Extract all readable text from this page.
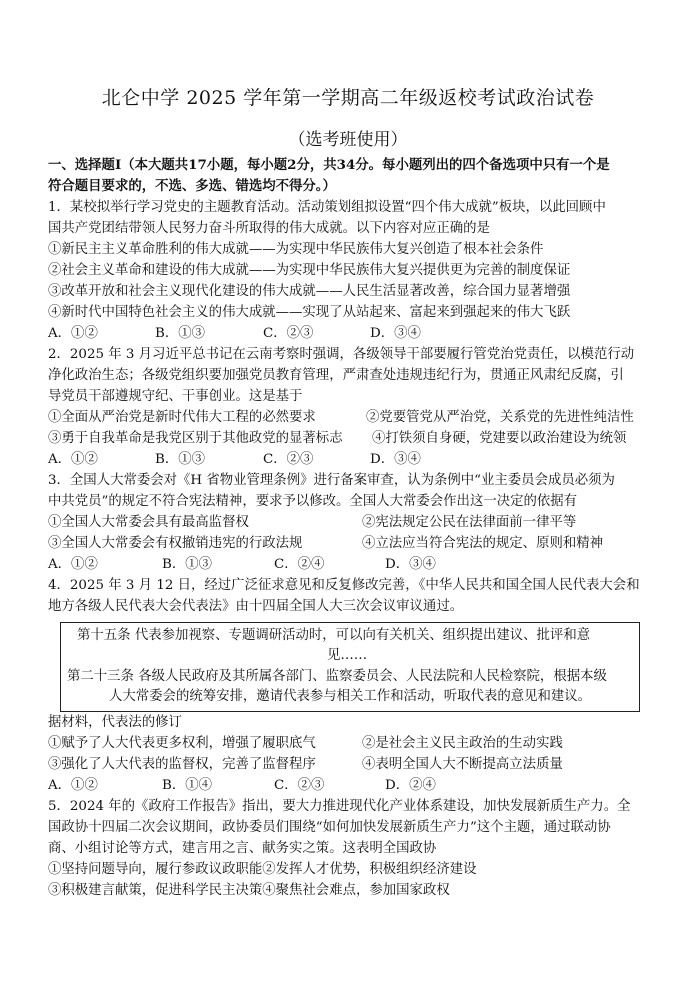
北仑中学 2025 学年第一学期高二年级返校考试政治试卷
（选考班使用）
一、选择题Ⅰ（本大题共17小题，每小题2分，共34分。每小题列出的四个备选项中只有一个是
符合题目要求的，不选、多选、错选均不得分。）
1．某校拟举行学习党史的主题教育活动。活动策划组拟设置“四个伟大成就”板块，以此回顾中
国共产党团结带领人民努力奋斗所取得的伟大成就。以下内容对应正确的是
①新民主主义革命胜利的伟大成就——为实现中华民族伟大复兴创造了根本社会条件
②社会主义革命和建设的伟大成就——为实现中华民族伟大复兴提供更为完善的制度保证
③改革开放和社会主义现代化建设的伟大成就——人民生活显著改善，综合国力显著增强
④新时代中国特色社会主义的伟大成就——实现了从站起来、富起来到强起来的伟大飞跃
A．①②	B．①③	C．②③	D．③④
2．2025 年 3 月习近平总书记在云南考察时强调，各级领导干部要履行管党治党责任，以模范行动
净化政治生态；各级党组织要加强党员教育管理，严肃查处违规违纪行为，贯通正风肃纪反腐，引
导党员干部遵规守纪、干事创业。这是基于
①全面从严治党是新时代伟大工程的必然要求	②党要管党从严治党，关系党的先进性纯洁性
③勇于自我革命是我党区别于其他政党的显著标志 ④打铁须自身硬，党建要以政治建设为统领
A．①②	B．①③	C．②③	D．③④
3．全国人大常委会对《H 省物业管理条例》进行备案审查，认为条例中“业主委员会成员必须为
中共党员”的规定不符合宪法精神，要求予以修改。全国人大常委会作出这一决定的依据有
①全国人大常委会具有最高监督权	②宪法规定公民在法律面前一律平等
③全国人大常委会有权撤销违宪的行政法规	④立法应当符合宪法的规定、原则和精神
A．①②	B．①③	C．②④	D．③④
4．2025 年 3 月 12 日，经过广泛征求意见和反复修改完善，《中华人民共和国全国人民代表大会和
地方各级人民代表大会代表法》由十四届全国人大三次会议审议通过。
第十五条 代表参加视察、专题调研活动时，可以向有关机关、组织提出建议、批评和意
见……
第二十三条 各级人民政府及其所属各部门、监察委员会、人民法院和人民检察院，根据本级
人大常委会的统筹安排，邀请代表参与相关工作和活动，听取代表的意见和建议。
据材料，代表法的修订
①赋予了人大代表更多权利，增强了履职底气	②是社会主义民主政治的生动实践
③强化了人大代表的监督权，完善了监督程序	④表明全国人大不断提高立法质量
A．①②	B．①④	C．②③	D．②④
5．2024 年的《政府工作报告》指出，要大力推进现代化产业体系建设，加快发展新质生产力。全
国政协十四届二次会议期间，政协委员们围绕“如何加快发展新质生产力”这个主题，通过联动协
商、小组讨论等方式，建言用之言、献务实之策。这表明全国政协
①坚持问题导向，履行参政议政职能②发挥人才优势，积极组织经济建设
③积极建言献策，促进科学民主决策④聚焦社会难点，参加国家政权
